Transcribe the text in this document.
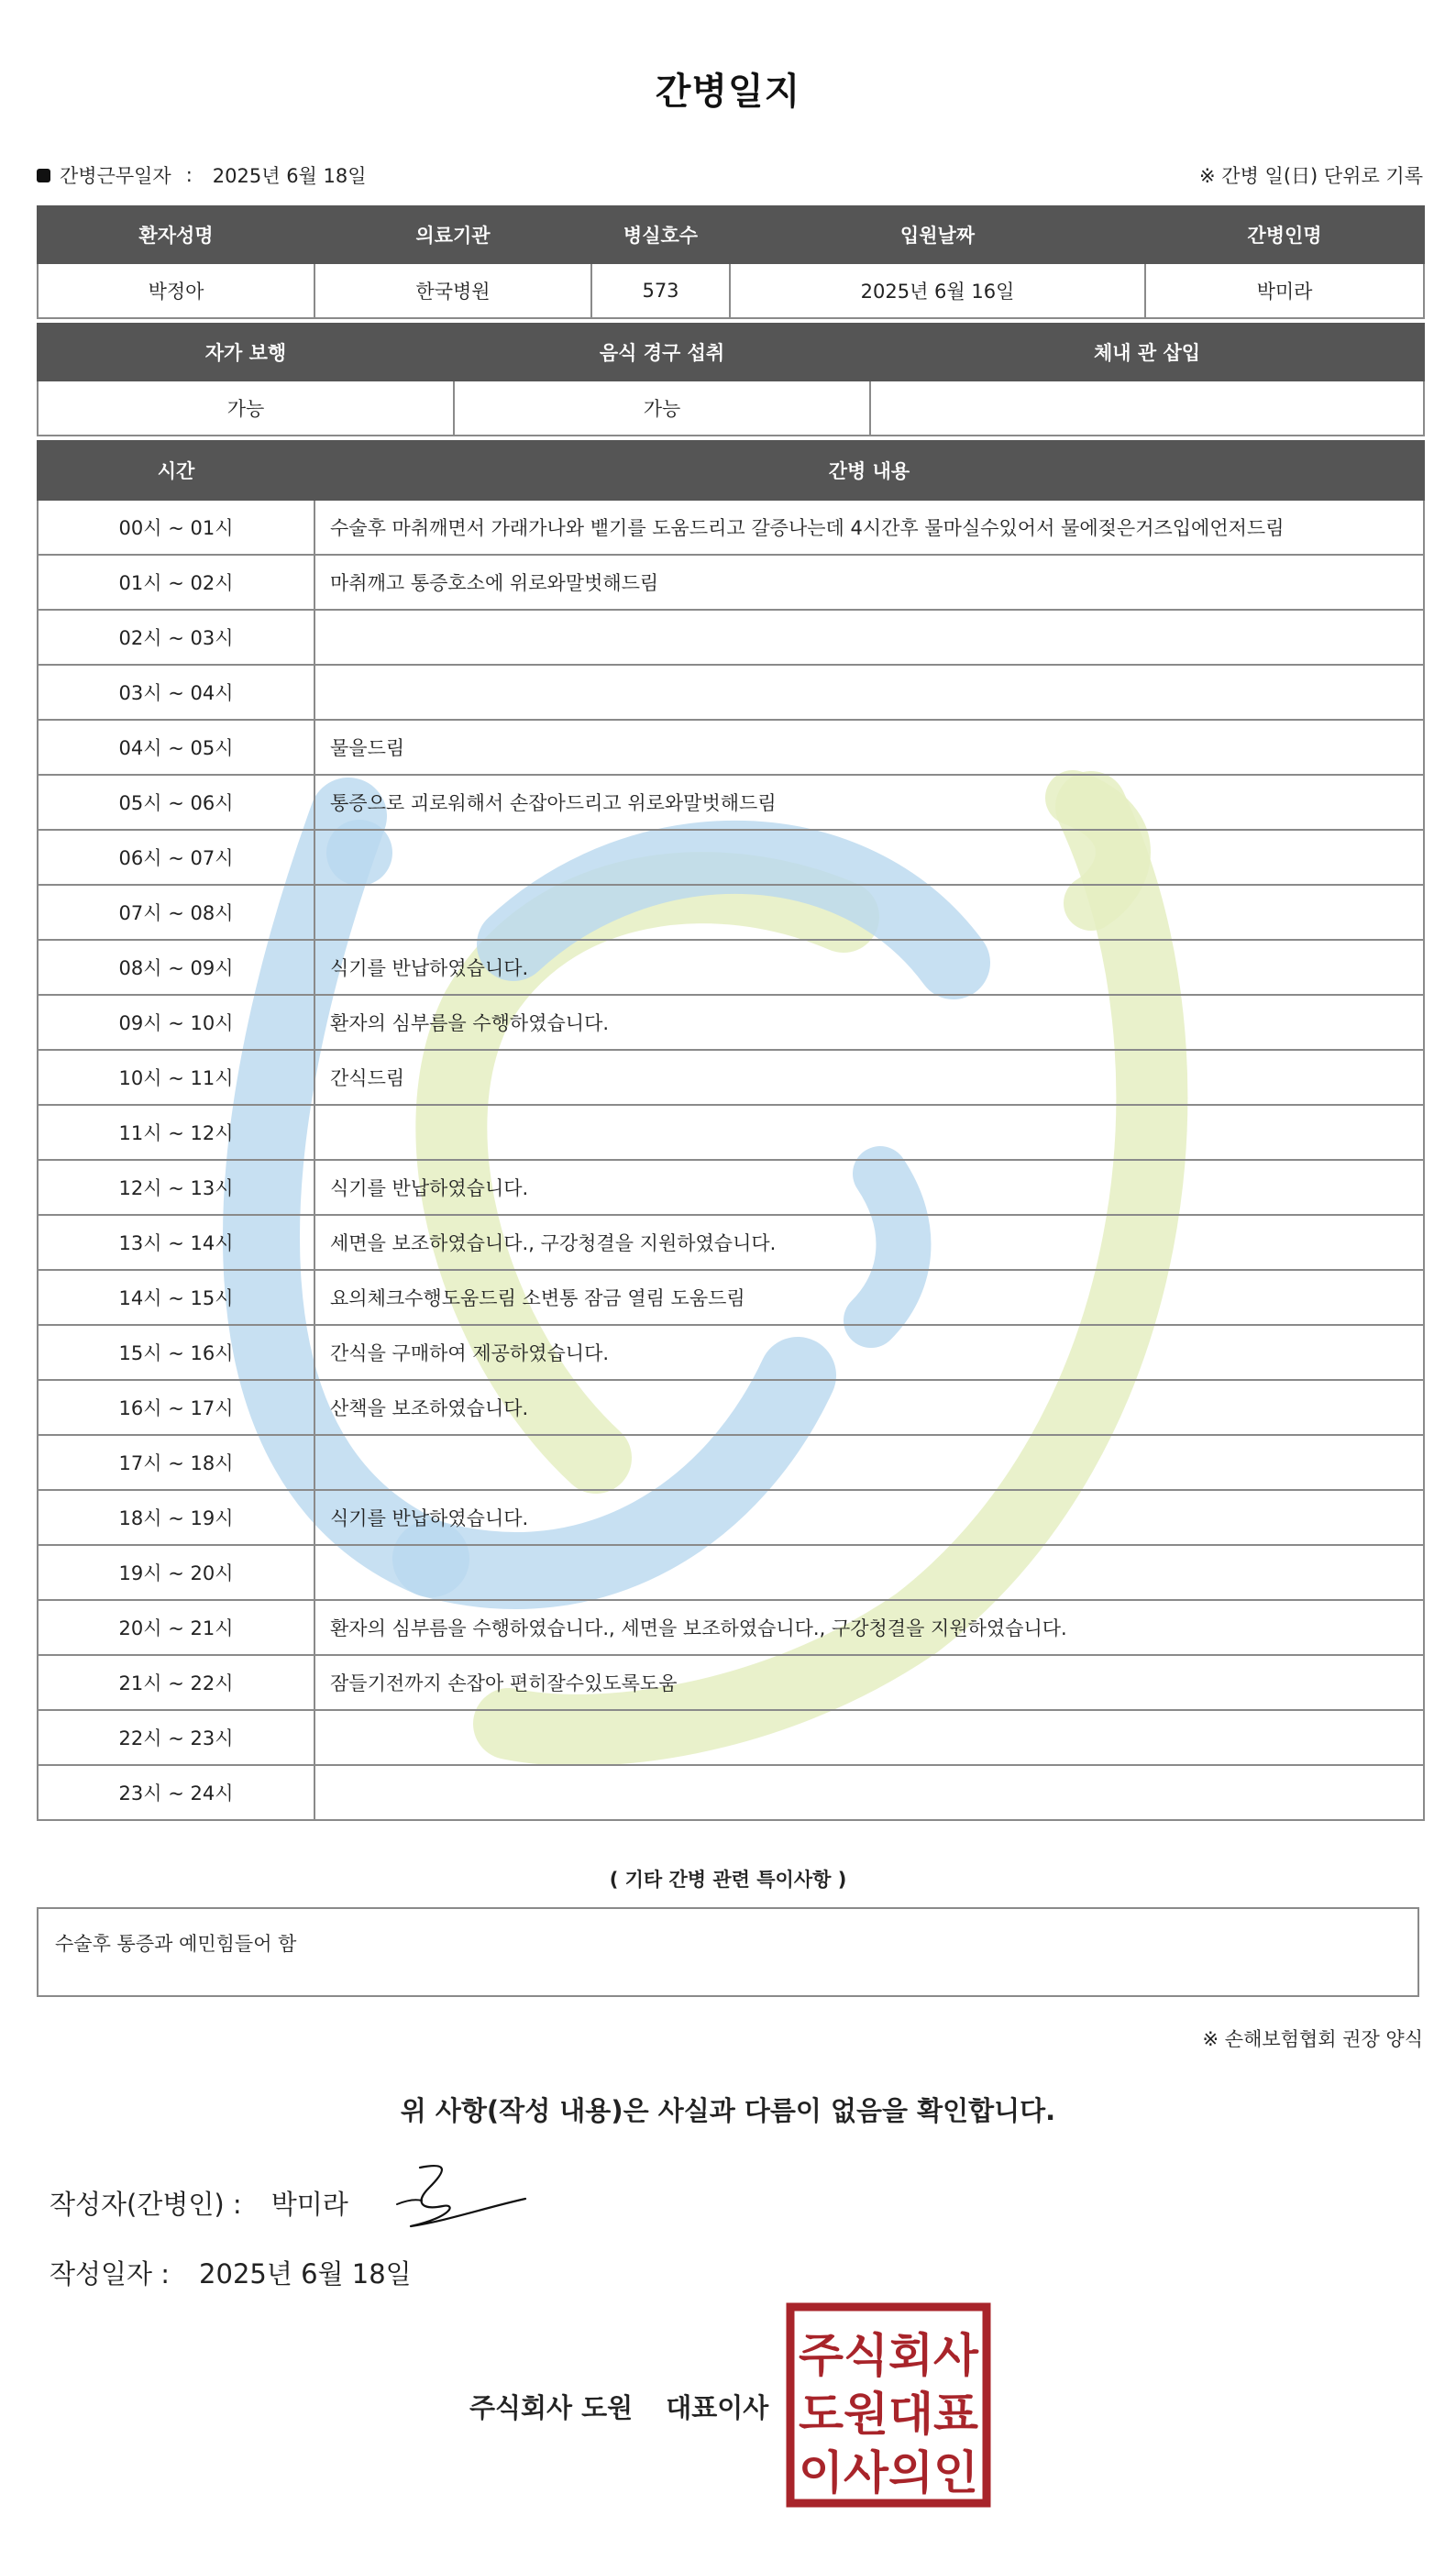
간병일지
간병근무일자 : 2025년 6월 18일	※ 간병 일(日) 단위로 기록
환자성명	의료기관	병실호수	입원날짜	간병인명
박정아	한국병원	573	2025년 6월 16일	박미라
자가 보행	음식 경구 섭취	체내 관 삽입
가능	가능	
시간	간병 내용
00시 ~ 01시	수술후 마취깨면서 가래가나와 뱉기를 도움드리고 갈증나는데 4시간후 물마실수있어서 물에젖은거즈입에언저드림
01시 ~ 02시	마취깨고 통증호소에 위로와말벗해드림
02시 ~ 03시	
03시 ~ 04시	
04시 ~ 05시	물을드림
05시 ~ 06시	통증으로 괴로워해서 손잡아드리고 위로와말벗해드림
06시 ~ 07시	
07시 ~ 08시	
08시 ~ 09시	식기를 반납하였습니다.
09시 ~ 10시	환자의 심부름을 수행하였습니다.
10시 ~ 11시	간식드림
11시 ~ 12시	
12시 ~ 13시	식기를 반납하였습니다.
13시 ~ 14시	세면을 보조하였습니다., 구강청결을 지원하였습니다.
14시 ~ 15시	요의체크수행도움드림 소변통 잠금 열림 도움드림
15시 ~ 16시	간식을 구매하여 제공하였습니다.
16시 ~ 17시	산책을 보조하였습니다.
17시 ~ 18시	
18시 ~ 19시	식기를 반납하였습니다.
19시 ~ 20시	
20시 ~ 21시	환자의 심부름을 수행하였습니다., 세면을 보조하였습니다., 구강청결을 지원하였습니다.
21시 ~ 22시	잠들기전까지 손잡아 편히잘수있도록도움
22시 ~ 23시	
23시 ~ 24시	
( 기타 간병 관련 특이사항 )
수술후 통증과 예민힘들어 함
※ 손해보험협회 권장 양식
위 사항(작성 내용)은 사실과 다름이 없음을 확인합니다.
작성자(간병인) : 박미라
작성일자 : 2025년 6월 18일
주식회사 도원 대표이사
주식회사
도원대표
이사의인
